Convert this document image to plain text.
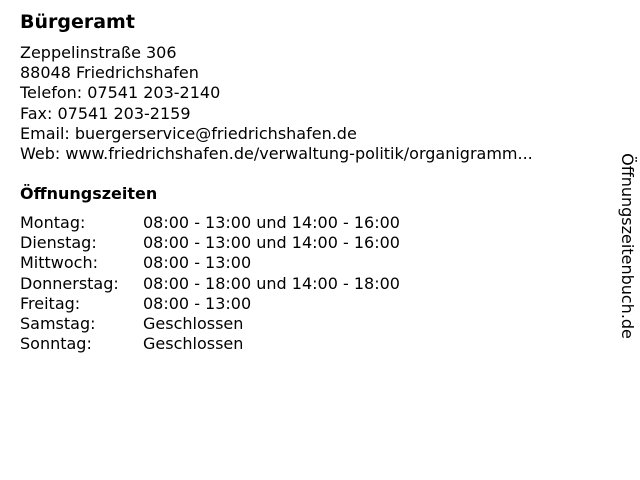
Bürgeramt
Zeppelinstraße 306
88048 Friedrichshafen
Telefon: 07541 203-2140
Fax: 07541 203-2159
Email: buergerservice@friedrichshafen.de
Web: www.friedrichshafen.de/verwaltung-politik/organigramm...
Öffnungszeiten
Montag:	08:00 - 13:00 und 14:00 - 16:00
Dienstag:	08:00 - 13:00 und 14:00 - 16:00
Mittwoch:	08:00 - 13:00
Donnerstag: 08:00 - 18:00 und 14:00 - 18:00
Freitag:	08:00 - 13:00
Samstag:	Geschlossen
Sonntag:	Geschlossen
Öffnungszeitenbuch.de
